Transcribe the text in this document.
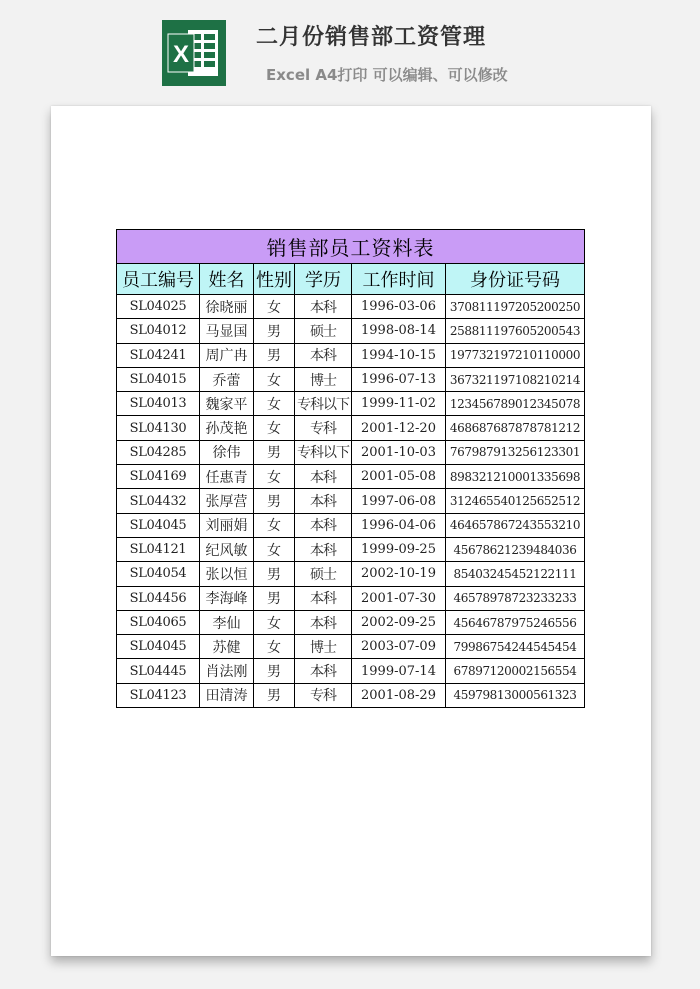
X
二月份销售部工资管理
Excel A4打印 可以编辑、可以修改
销售部员工资料表					
员工编号	姓名	性别	学历	工作时间	身份证号码
SL04025	徐晓丽	女	本科	1996-03-06	370811197205200250
SL04012	马显国	男	硕士	1998-08-14	258811197605200543
SL04241	周广冉	男	本科	1994-10-15	197732197210110000
SL04015	乔蕾	女	博士	1996-07-13	367321197108210214
SL04013	魏家平	女	专科以下	1999-11-02	123456789012345078
SL04130	孙茂艳	女	专科	2001-12-20	468687687878781212
SL04285	徐伟	男	专科以下	2001-10-03	767987913256123301
SL04169	任惠青	女	本科	2001-05-08	898321210001335698
SL04432	张厚营	男	本科	1997-06-08	312465540125652512
SL04045	刘丽娟	女	本科	1996-04-06	464657867243553210
SL04121	纪风敏	女	本科	1999-09-25	45678621239484036
SL04054	张以恒	男	硕士	2002-10-19	85403245452122111
SL04456	李海峰	男	本科	2001-07-30	46578978723233233
SL04065	李仙	女	本科	2002-09-25	45646787975246556
SL04045	苏健	女	博士	2003-07-09	79986754244545454
SL04445	肖法刚	男	本科	1999-07-14	67897120002156554
SL04123	田清涛	男	专科	2001-08-29	45979813000561323
